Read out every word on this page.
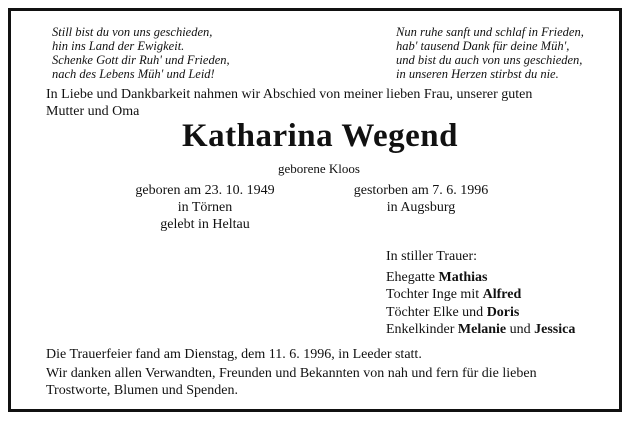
Still bist du von uns geschieden,
hin ins Land der Ewigkeit.
Schenke Gott dir Ruh' und Frieden,
nach des Lebens Müh' und Leid!
Nun ruhe sanft und schlaf in Frieden,
hab' tausend Dank für deine Müh',
und bist du auch von uns geschieden,
in unseren Herzen stirbst du nie.
In Liebe und Dankbarkeit nahmen wir Abschied von meiner lieben Frau, unserer guten
Mutter und Oma
Katharina Wegend
geborene Kloos
geboren am 23. 10. 1949
in Törnen
gelebt in Heltau
gestorben am 7. 6. 1996
in Augsburg
In stiller Trauer:
Ehegatte Mathias
Tochter Inge mit Alfred
Töchter Elke und Doris
Enkelkinder Melanie und Jessica
Die Trauerfeier fand am Dienstag, dem 11. 6. 1996, in Leeder statt.
Wir danken allen Verwandten, Freunden und Bekannten von nah und fern für die lieben
Trostworte, Blumen und Spenden.
